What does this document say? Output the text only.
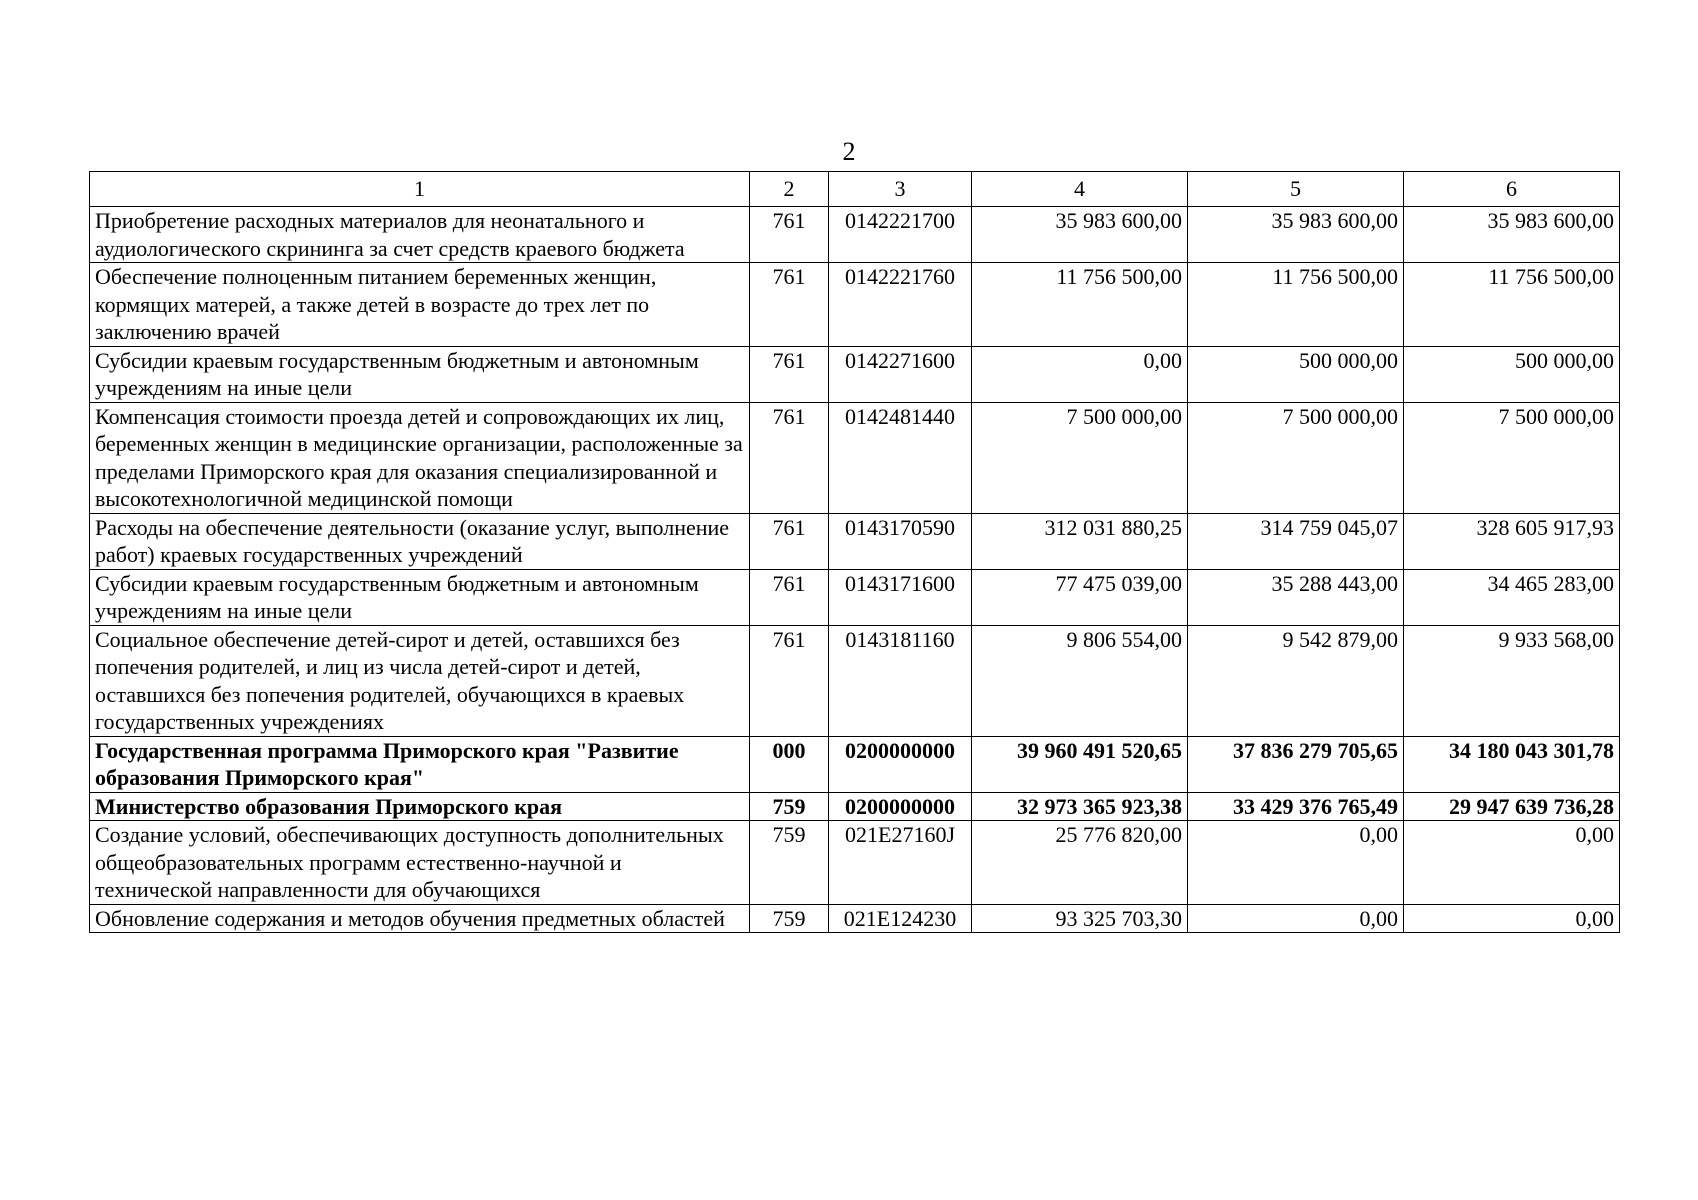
2
1	2	3	4	5	6
Приобретение расходных материалов для неонатального и аудиологического скрининга за счет средств краевого бюджета	761	0142221700	35 983 600,00	35 983 600,00	35 983 600,00
Обеспечение полноценным питанием беременных женщин, кормящих матерей, а также детей в возрасте до трех лет по заключению врачей	761	0142221760	11 756 500,00	11 756 500,00	11 756 500,00
Субсидии краевым государственным бюджетным и автономным учреждениям на иные цели	761	0142271600	0,00	500 000,00	500 000,00
Компенсация стоимости проезда детей и сопровождающих их лиц, беременных женщин в медицинские организации, расположенные за пределами Приморского края для оказания специализированной и высокотехнологичной медицинской помощи	761	0142481440	7 500 000,00	7 500 000,00	7 500 000,00
Расходы на обеспечение деятельности (оказание услуг, выполнение работ) краевых государственных учреждений	761	0143170590	312 031 880,25	314 759 045,07	328 605 917,93
Субсидии краевым государственным бюджетным и автономным учреждениям на иные цели	761	0143171600	77 475 039,00	35 288 443,00	34 465 283,00
Социальное обеспечение детей-сирот и детей, оставшихся без попечения родителей, и лиц из числа детей-сирот и детей, оставшихся без попечения родителей, обучающихся в краевых государственных учреждениях	761	0143181160	9 806 554,00	9 542 879,00	9 933 568,00
Государственная программа Приморского края "Развитие образования Приморского края"	000	0200000000	39 960 491 520,65	37 836 279 705,65	34 180 043 301,78
Министерство образования Приморского края	759	0200000000	32 973 365 923,38	33 429 376 765,49	29 947 639 736,28
Создание условий, обеспечивающих доступность дополнительных общеобразовательных программ естественно-научной и технической направленности для обучающихся	759	021E27160J	25 776 820,00	0,00	0,00
Обновление содержания и методов обучения предметных областей	759	021E124230	93 325 703,30	0,00	0,00
